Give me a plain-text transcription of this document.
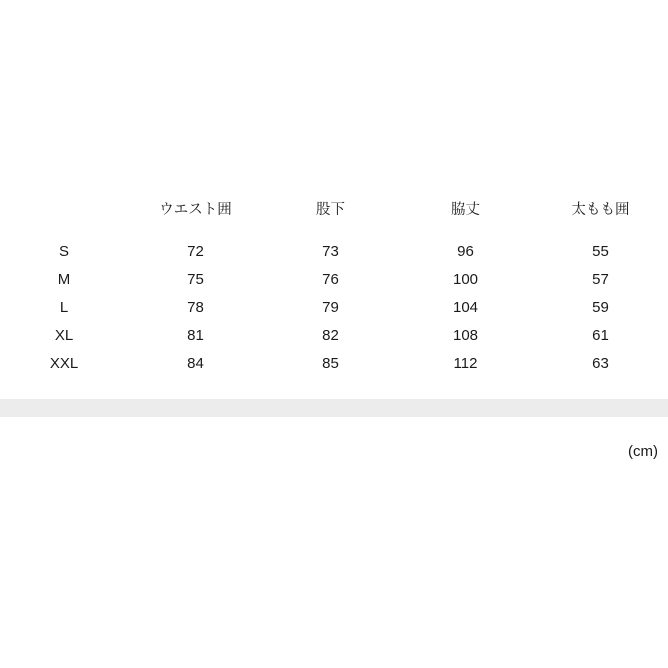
	ウエスト囲	股下	脇丈	太もも囲
S	72	73	96	55
M	75	76	100	57
L	78	79	104	59
XL	81	82	108	61
XXL	84	85	112	63
(cm)
